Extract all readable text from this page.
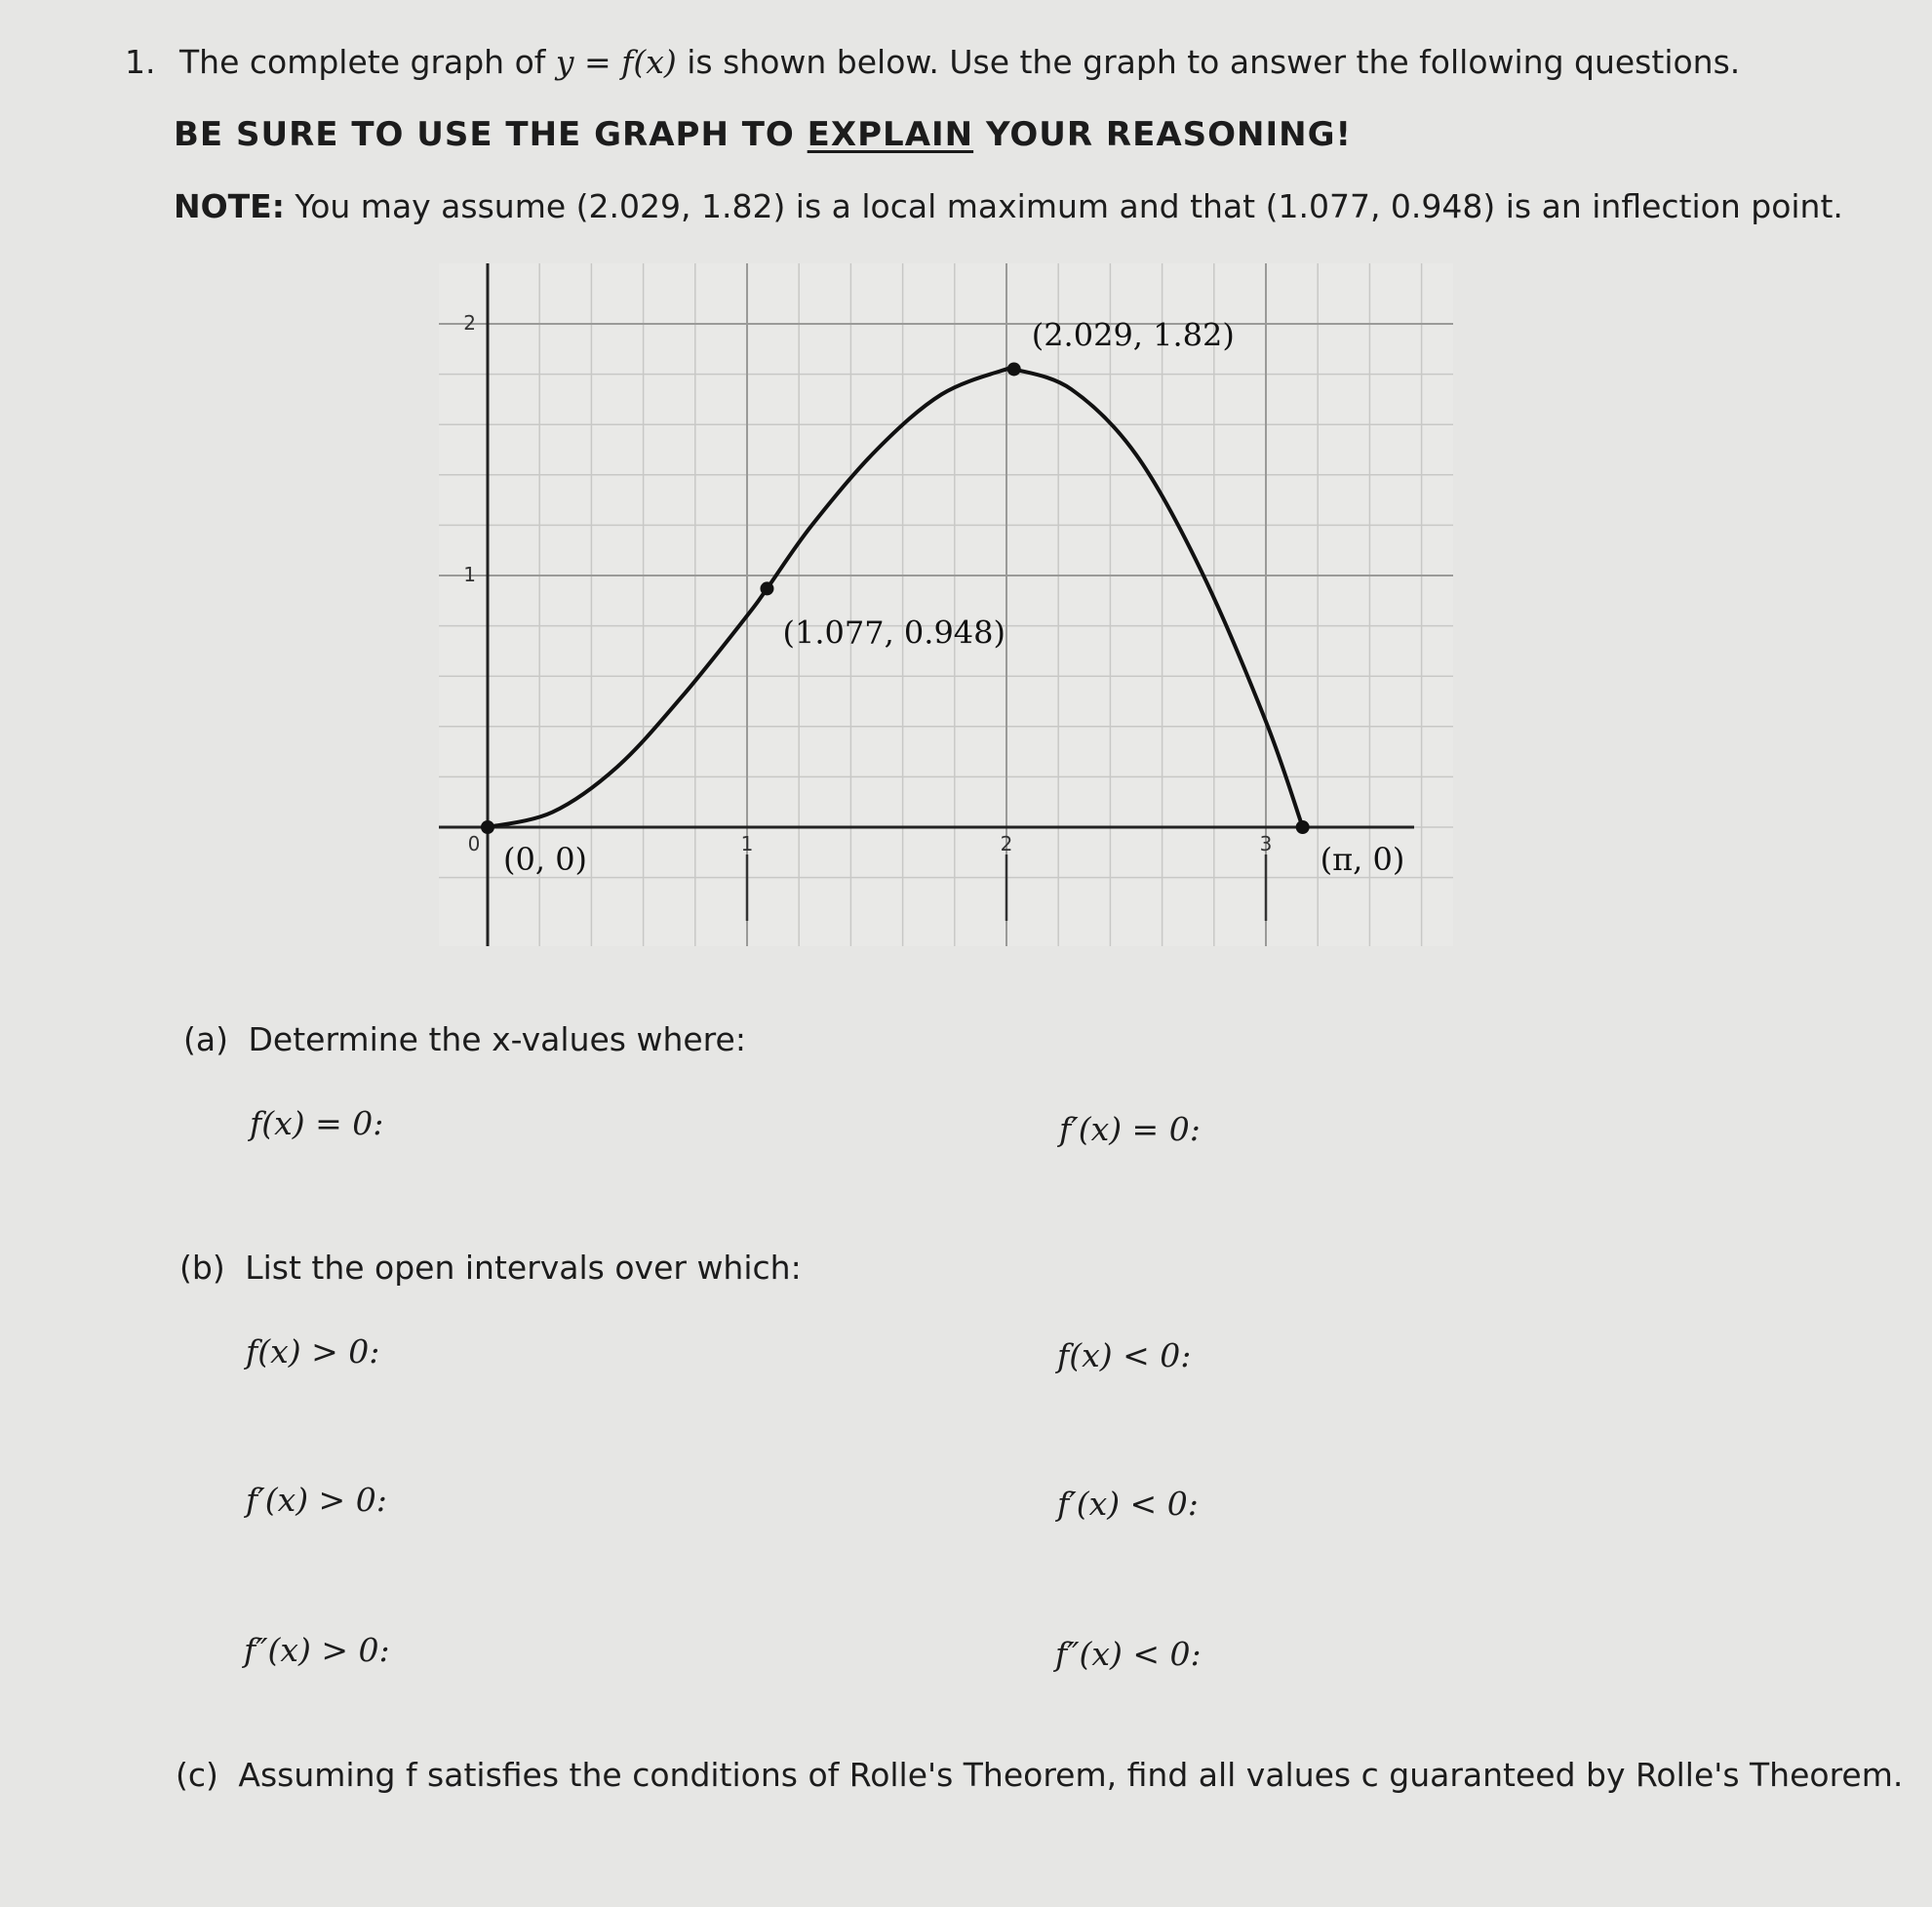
1. The complete graph of y = f(x) is shown below. Use the graph to answer the following questions.
BE SURE TO USE THE GRAPH TO EXPLAIN YOUR REASONING!
NOTE: You may assume (2.029, 1.82) is a local maximum and that (1.077, 0.948) is an inflection point.
0	1	2	3
1
2
(0, 0)
(1.077, 0.948)
(2.029, 1.82)
(π, 0)
(a) Determine the x-values where:
f(x) = 0:	f′(x) = 0:
(b) List the open intervals over which:
f(x) > 0:	f(x) < 0:
f′(x) > 0:	f′(x) < 0:
f″(x) > 0:	f″(x) < 0:
(c) Assuming f satisfies the conditions of Rolle's Theorem, find all values c guaranteed by Rolle's Theorem.
